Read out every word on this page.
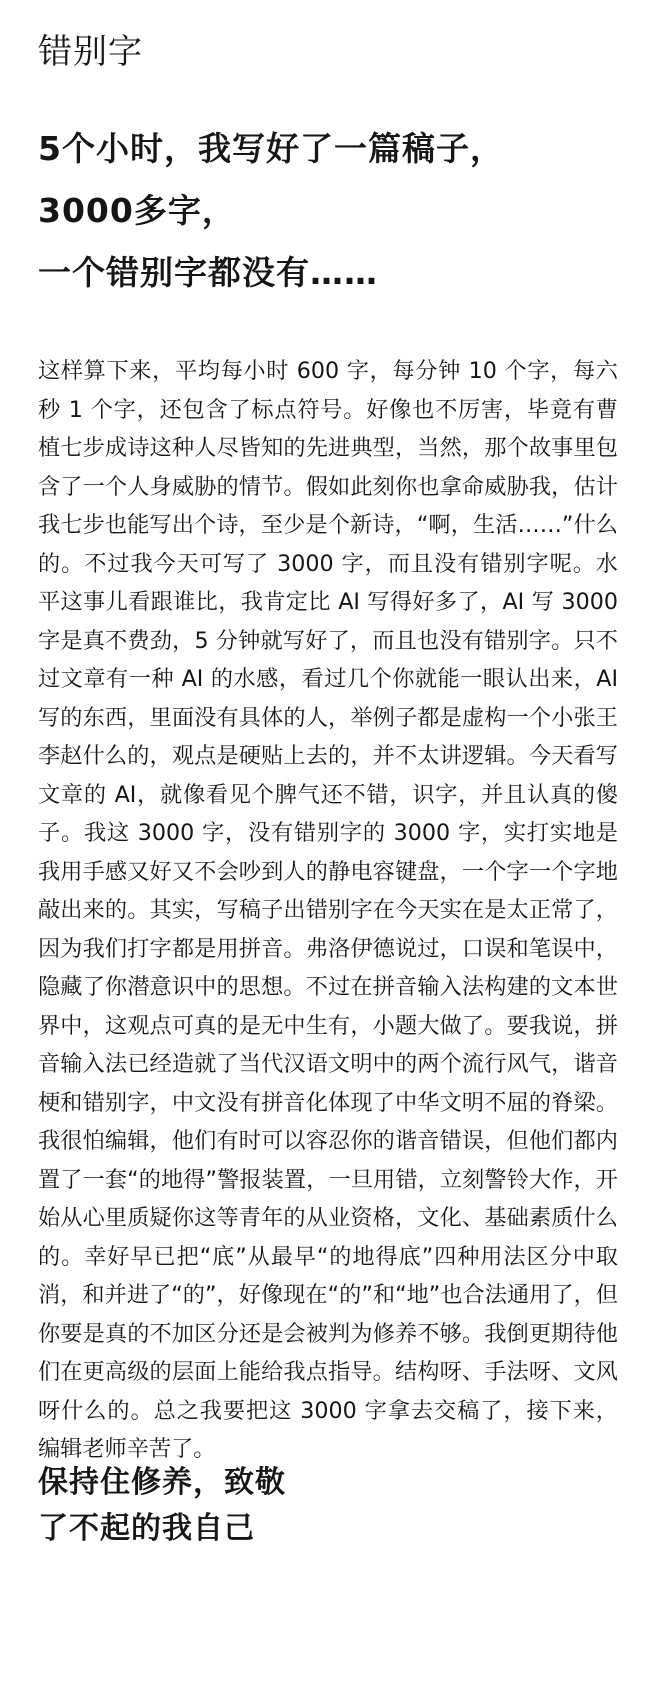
错别字
5个小时，我写好了一篇稿子，
3000多字，
一个错别字都没有……
这样算下来，平均每小时 600 字，每分钟 10 个字，每六秒 1 个字，还包含了标点符号。好像也不厉害，毕竟有曹植七步成诗这种人尽皆知的先进典型，当然，那个故事里包含了一个人身威胁的情节。假如此刻你也拿命威胁我，估计我七步也能写出个诗，至少是个新诗，“啊，生活……”什么的。不过我今天可写了 3000 字，而且没有错别字呢。水平这事儿看跟谁比，我肯定比 AI 写得好多了，AI 写 3000 字是真不费劲，5 分钟就写好了，而且也没有错别字。只不过文章有一种 AI 的水感，看过几个你就能一眼认出来，AI 写的东西，里面没有具体的人，举例子都是虚构一个小张王李赵什么的，观点是硬贴上去的，并不太讲逻辑。今天看写文章的 AI，就像看见个脾气还不错，识字，并且认真的傻子。我这 3000 字，没有错别字的 3000 字，实打实地是我用手感又好又不会吵到人的静电容键盘，一个字一个字地敲出来的。其实，写稿子出错别字在今天实在是太正常了，因为我们打字都是用拼音。弗洛伊德说过，口误和笔误中，隐藏了你潜意识中的思想。不过在拼音输入法构建的文本世界中，这观点可真的是无中生有，小题大做了。要我说，拼音输入法已经造就了当代汉语文明中的两个流行风气，谐音梗和错别字，中文没有拼音化体现了中华文明不屈的脊梁。我很怕编辑，他们有时可以容忍你的谐音错误，但他们都内置了一套“的地得”警报装置，一旦用错，立刻警铃大作，开始从心里质疑你这等青年的从业资格，文化、基础素质什么的。幸好早已把“底”从最早“的地得底”四种用法区分中取消，和并进了“的”，好像现在“的”和“地”也合法通用了，但你要是真的不加区分还是会被判为修养不够。我倒更期待他们在更高级的层面上能给我点指导。结构呀、手法呀、文风呀什么的。总之我要把这 3000 字拿去交稿了，接下来，编辑老师辛苦了。
保持住修养，致敬
了不起的我自己
